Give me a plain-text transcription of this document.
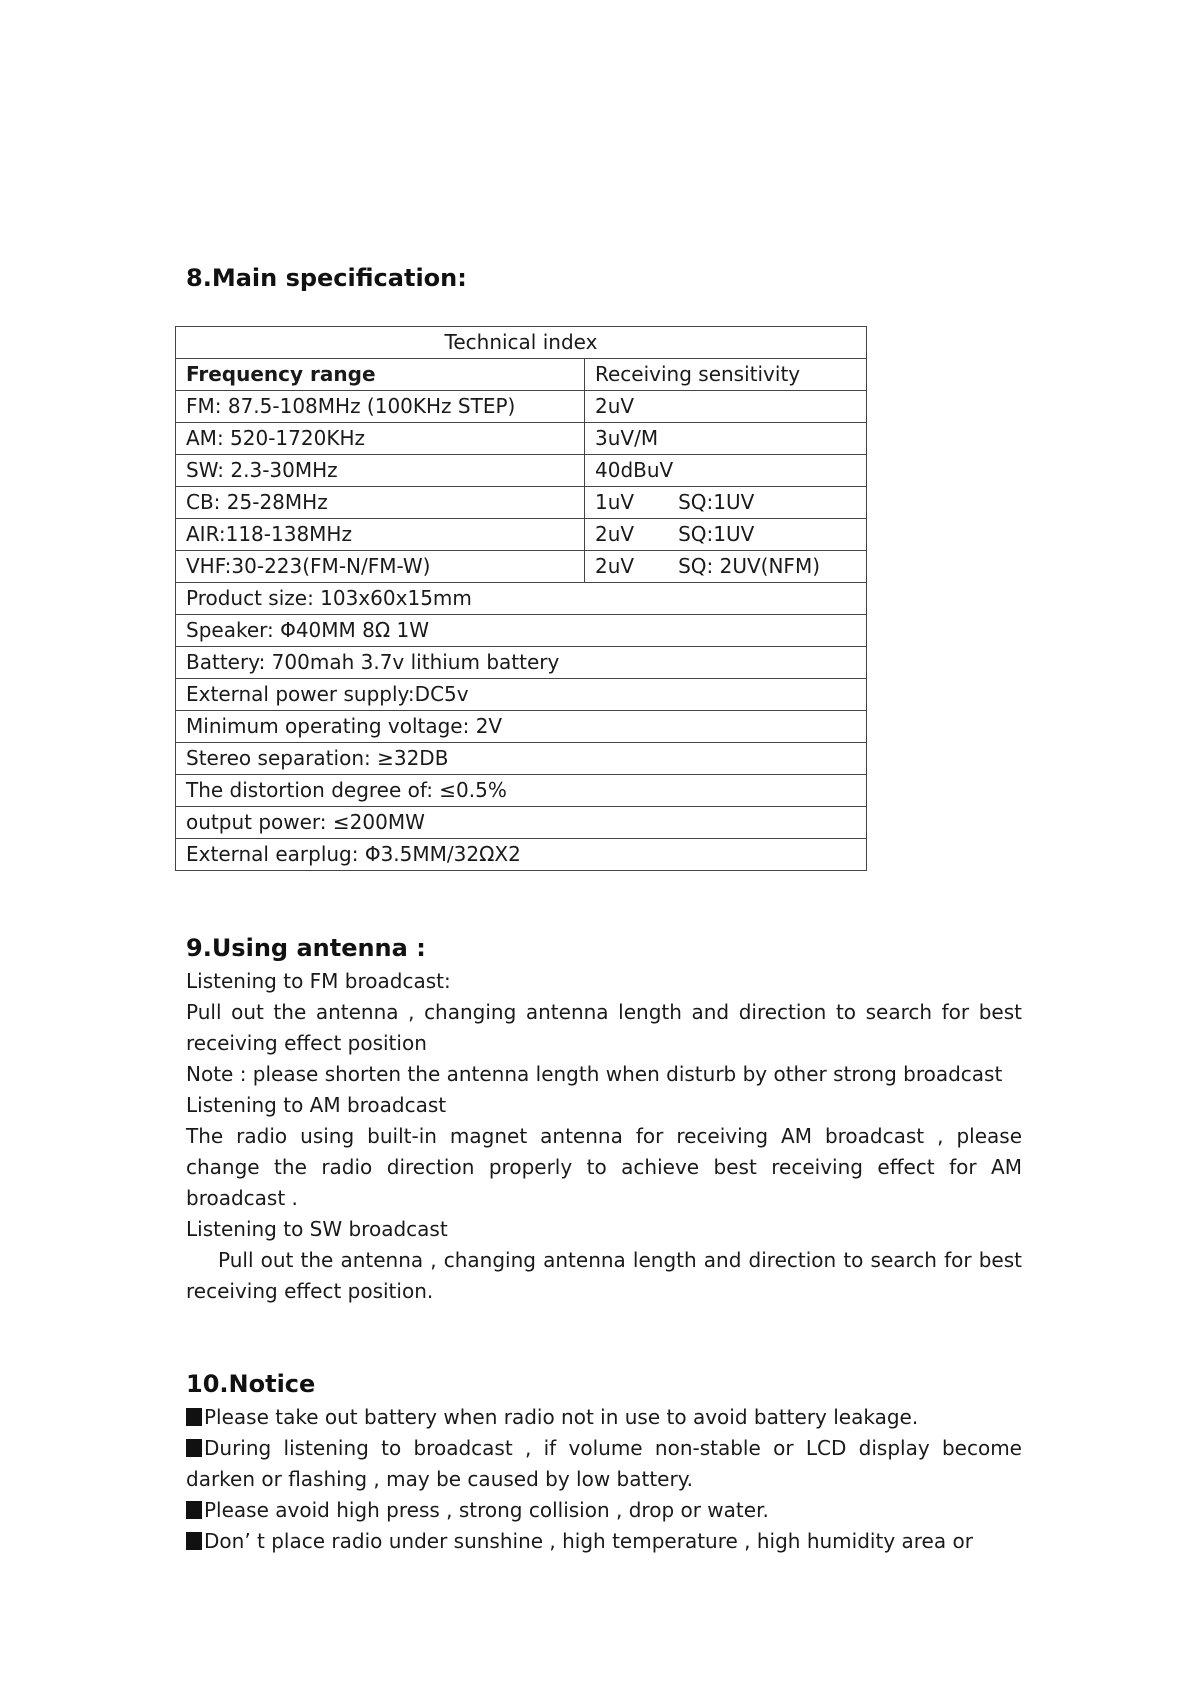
8.Main specification:
Technical index	
Frequency range	Receiving sensitivity
FM: 87.5-108MHz (100KHz STEP)	2uV
AM: 520-1720KHz	3uV/M
SW: 2.3-30MHz	40dBuV
CB: 25-28MHz	1uV SQ:1UV
AIR:118-138MHz	2uV SQ:1UV
VHF:30-223(FM-N/FM-W)	2uV SQ: 2UV(NFM)
Product size: 103x60x15mm	
Speaker: Φ40MM 8Ω 1W	
Battery: 700mah 3.7v lithium battery	
External power supply:DC5v	
Minimum operating voltage: 2V	
Stereo separation: ≥32DB	
The distortion degree of: ≤0.5%	
output power: ≤200MW	
External earplug: Φ3.5MM/32ΩX2	
9.Using antenna :

Listening to FM broadcast:

Pull out the antenna , changing antenna length and direction to search for best receiving effect position

Note : please shorten the antenna length when disturb by other strong broadcast

Listening to AM broadcast

The radio using built-in magnet antenna for receiving AM broadcast , please change the radio direction properly to achieve best receiving effect for AM broadcast .

Listening to SW broadcast

Pull out the antenna , changing antenna length and direction to search for best receiving effect position.

10.Notice

Please take out battery when radio not in use to avoid battery leakage.

During listening to broadcast , if volume non-stable or LCD display become darken or flashing , may be caused by low battery.

Please avoid high press , strong collision , drop or water.

Don’ t place radio under sunshine , high temperature , high humidity area or
